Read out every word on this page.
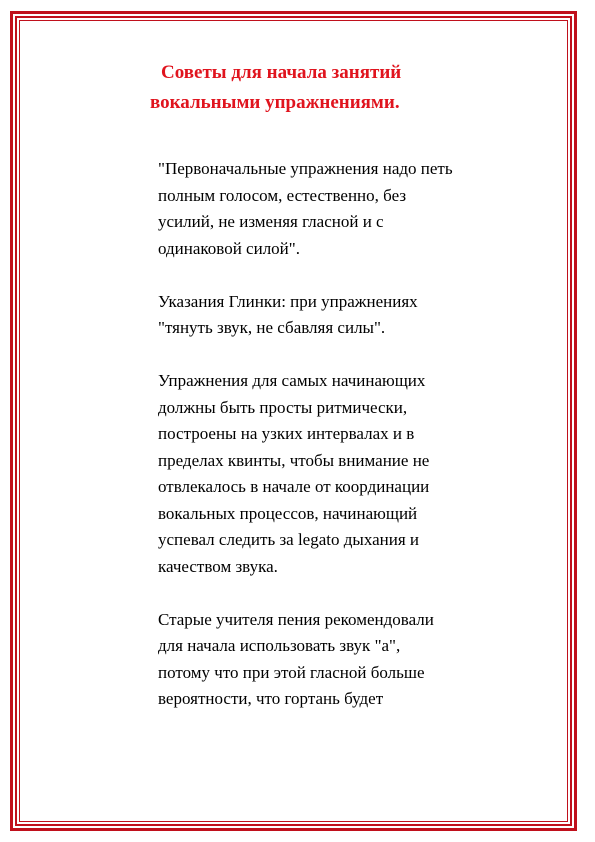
Советы для начала занятий
вокальными упражнениями.

"Первоначальные упражнения надо петь
полным голосом, естественно, без
усилий, не изменяя гласной и с
одинаковой силой".

Указания Глинки: при упражнениях
"тянуть звук, не сбавляя силы".

Упражнения для самых начинающих
должны быть просты ритмически,
построены на узких интервалах и в
пределах квинты, чтобы внимание не
отвлекалось в начале от координации
вокальных процессов, начинающий
успевал следить за legato дыхания и
качеством звука.

Старые учителя пения рекомендовали
для начала использовать звук "а",
потому что при этой гласной больше
вероятности, что гортань будет
